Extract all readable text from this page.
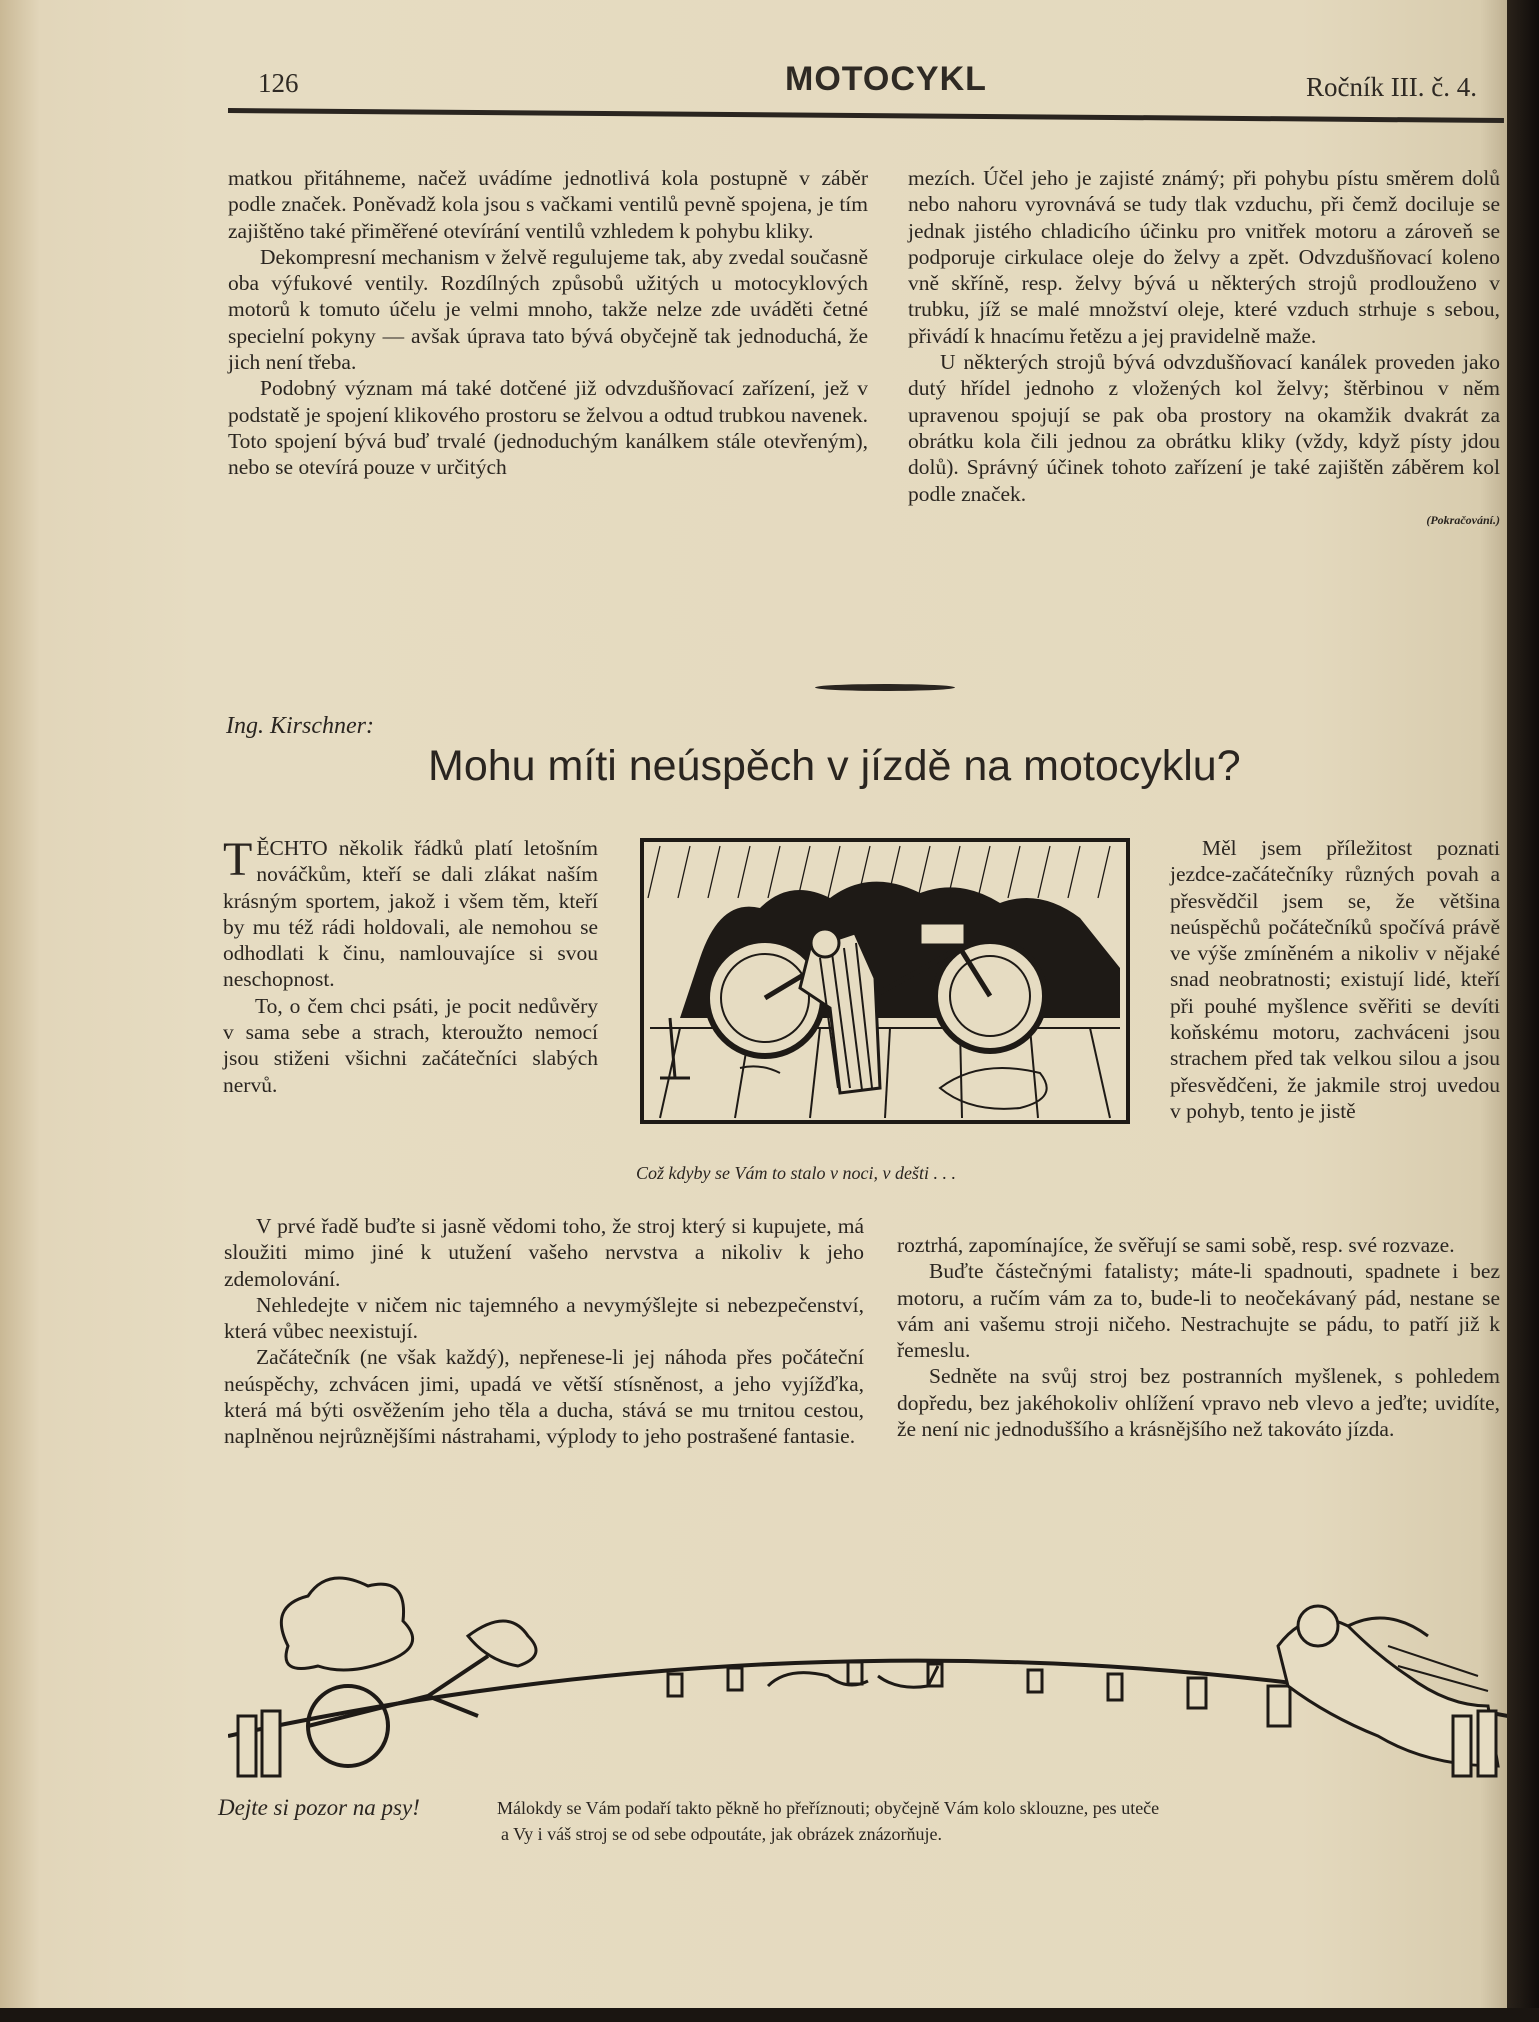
126	MOTOCYKL	Ročník III. č. 4.

matkou přitáhneme, načež uvádíme jednotlivá kola postupně v záběr podle značek. Poněvadž kola jsou s vačkami ventilů pevně spojena, je tím zajištěno také přiměřené otevírání ventilů vzhledem k pohybu kliky.

Dekompresní mechanism v želvě regulujeme tak, aby zvedal současně oba výfukové ventily. Rozdílných způsobů užitých u motocyklových motorů k tomuto účelu je velmi mnoho, takže nelze zde uváděti četné specielní pokyny — avšak úprava tato bývá obyčejně tak jednoduchá, že jich není třeba.

Podobný význam má také dotčené již odvzdušňovací zařízení, jež v podstatě je spojení klikového prostoru se želvou a odtud trubkou navenek. Toto spojení bývá buď trvalé (jednoduchým kanálkem stále otevřeným), nebo se otevírá pouze v určitých

mezích. Účel jeho je zajisté známý; při pohybu pístu směrem dolů nebo nahoru vyrovnává se tudy tlak vzduchu, při čemž dociluje se jednak jistého chladicího účinku pro vnitřek motoru a zároveň se podporuje cirkulace oleje do želvy a zpět. Odvzdušňovací koleno vně skříně, resp. želvy bývá u některých strojů prodlouženo v trubku, jíž se malé množství oleje, které vzduch strhuje s sebou, přivádí k hnacímu řetězu a jej pravidelně maže.

U některých strojů bývá odvzdušňovací kanálek proveden jako dutý hřídel jednoho z vložených kol želvy; štěrbinou v něm upravenou spojují se pak oba prostory na okamžik dvakrát za obrátku kola čili jednou za obrátku kliky (vždy, když písty jdou dolů). Správný účinek tohoto zařízení je také zajištěn záběrem kol podle značek.

(Pokračování.)

Ing. Kirschner:
Mohu míti neúspěch v jízdě na motocyklu?

TĚCHTO několik řádků platí letošním nováčkům, kteří se dali zlákat naším krásným sportem, jakož i všem těm, kteří by mu též rádi holdovali, ale nemohou se odhodlati k činu, namlouvajíce si svou neschopnost.

To, o čem chci psáti, je pocit nedůvěry v sama sebe a strach, kteroužto nemocí jsou stiženi všichni začátečníci slabých nervů.

Což kdyby se Vám to stalo v noci, v dešti . . .

Měl jsem příležitost poznati jezdce-začátečníky různých povah a přesvědčil jsem se, že většina neúspěchů počátečníků spočívá právě ve výše zmíněném a nikoliv v nějaké snad neobratnosti; existují lidé, kteří při pouhé myšlence svěřiti se devíti koňskému motoru, zachváceni jsou strachem před tak velkou silou a jsou přesvědčeni, že jakmile stroj uvedou v pohyb, tento je jistě

V prvé řadě buďte si jasně vědomi toho, že stroj který si kupujete, má sloužiti mimo jiné k utužení vašeho nervstva a nikoliv k jeho zdemolování.

Nehledejte v ničem nic tajemného a nevymýšlejte si nebezpečenství, která vůbec neexistují.

Začátečník (ne však každý), nepřenese-li jej náhoda přes počáteční neúspěchy, zchvácen jimi, upadá ve větší stísněnost, a jeho vyjížďka, která má býti osvěžením jeho těla a ducha, stává se mu trnitou cestou, naplněnou nejrůznějšími nástrahami, výplody to jeho postrašené fantasie.

roztrhá, zapomínajíce, že svěřují se sami sobě, resp. své rozvaze.

Buďte částečnými fatalisty; máte-li spadnouti, spadnete i bez motoru, a ručím vám za to, bude-li to neočekávaný pád, nestane se vám ani vašemu stroji ničeho. Nestrachujte se pádu, to patří již k řemeslu.

Sedněte na svůj stroj bez postranních myšlenek, s pohledem dopředu, bez jakéhokoliv ohlížení vpravo neb vlevo a jeďte; uvidíte, že není nic jednoduššího a krásnějšího než takováto jízda.

Dejte si pozor na psy!	Málokdy se Vám podaří takto pěkně ho přeříznouti; obyčejně Vám kolo sklouzne, pes uteče
a Vy i váš stroj se od sebe odpoutáte, jak obrázek znázorňuje.
